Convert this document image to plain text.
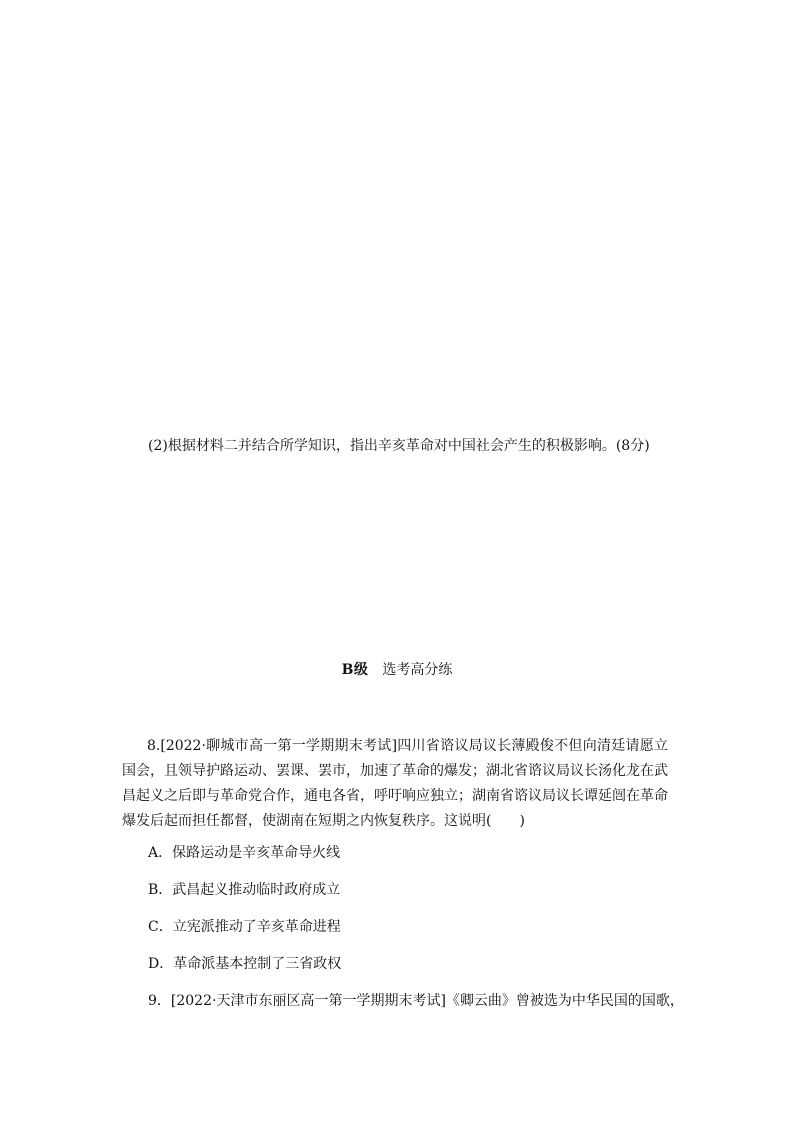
(2)根据材料二并结合所学知识，指出辛亥革命对中国社会产生的积极影响。(8分)
B级 选考高分练
8.[2022·聊城市高一第一学期期末考试]四川省谘议局议长薄殿俊不但向清廷请愿立国会，且领导护路运动、罢课、罢市，加速了革命的爆发；湖北省谘议局议长汤化龙在武昌起义之后即与革命党合作，通电各省，呼吁响应独立；湖南省谘议局议长谭延闿在革命爆发后起而担任都督，使湖南在短期之内恢复秩序。这说明(　　)
A．保路运动是辛亥革命导火线
B．武昌起义推动临时政府成立
C．立宪派推动了辛亥革命进程
D．革命派基本控制了三省政权
9．[2022·天津市东丽区高一第一学期期末考试]《卿云曲》曾被选为中华民国的国歌，
